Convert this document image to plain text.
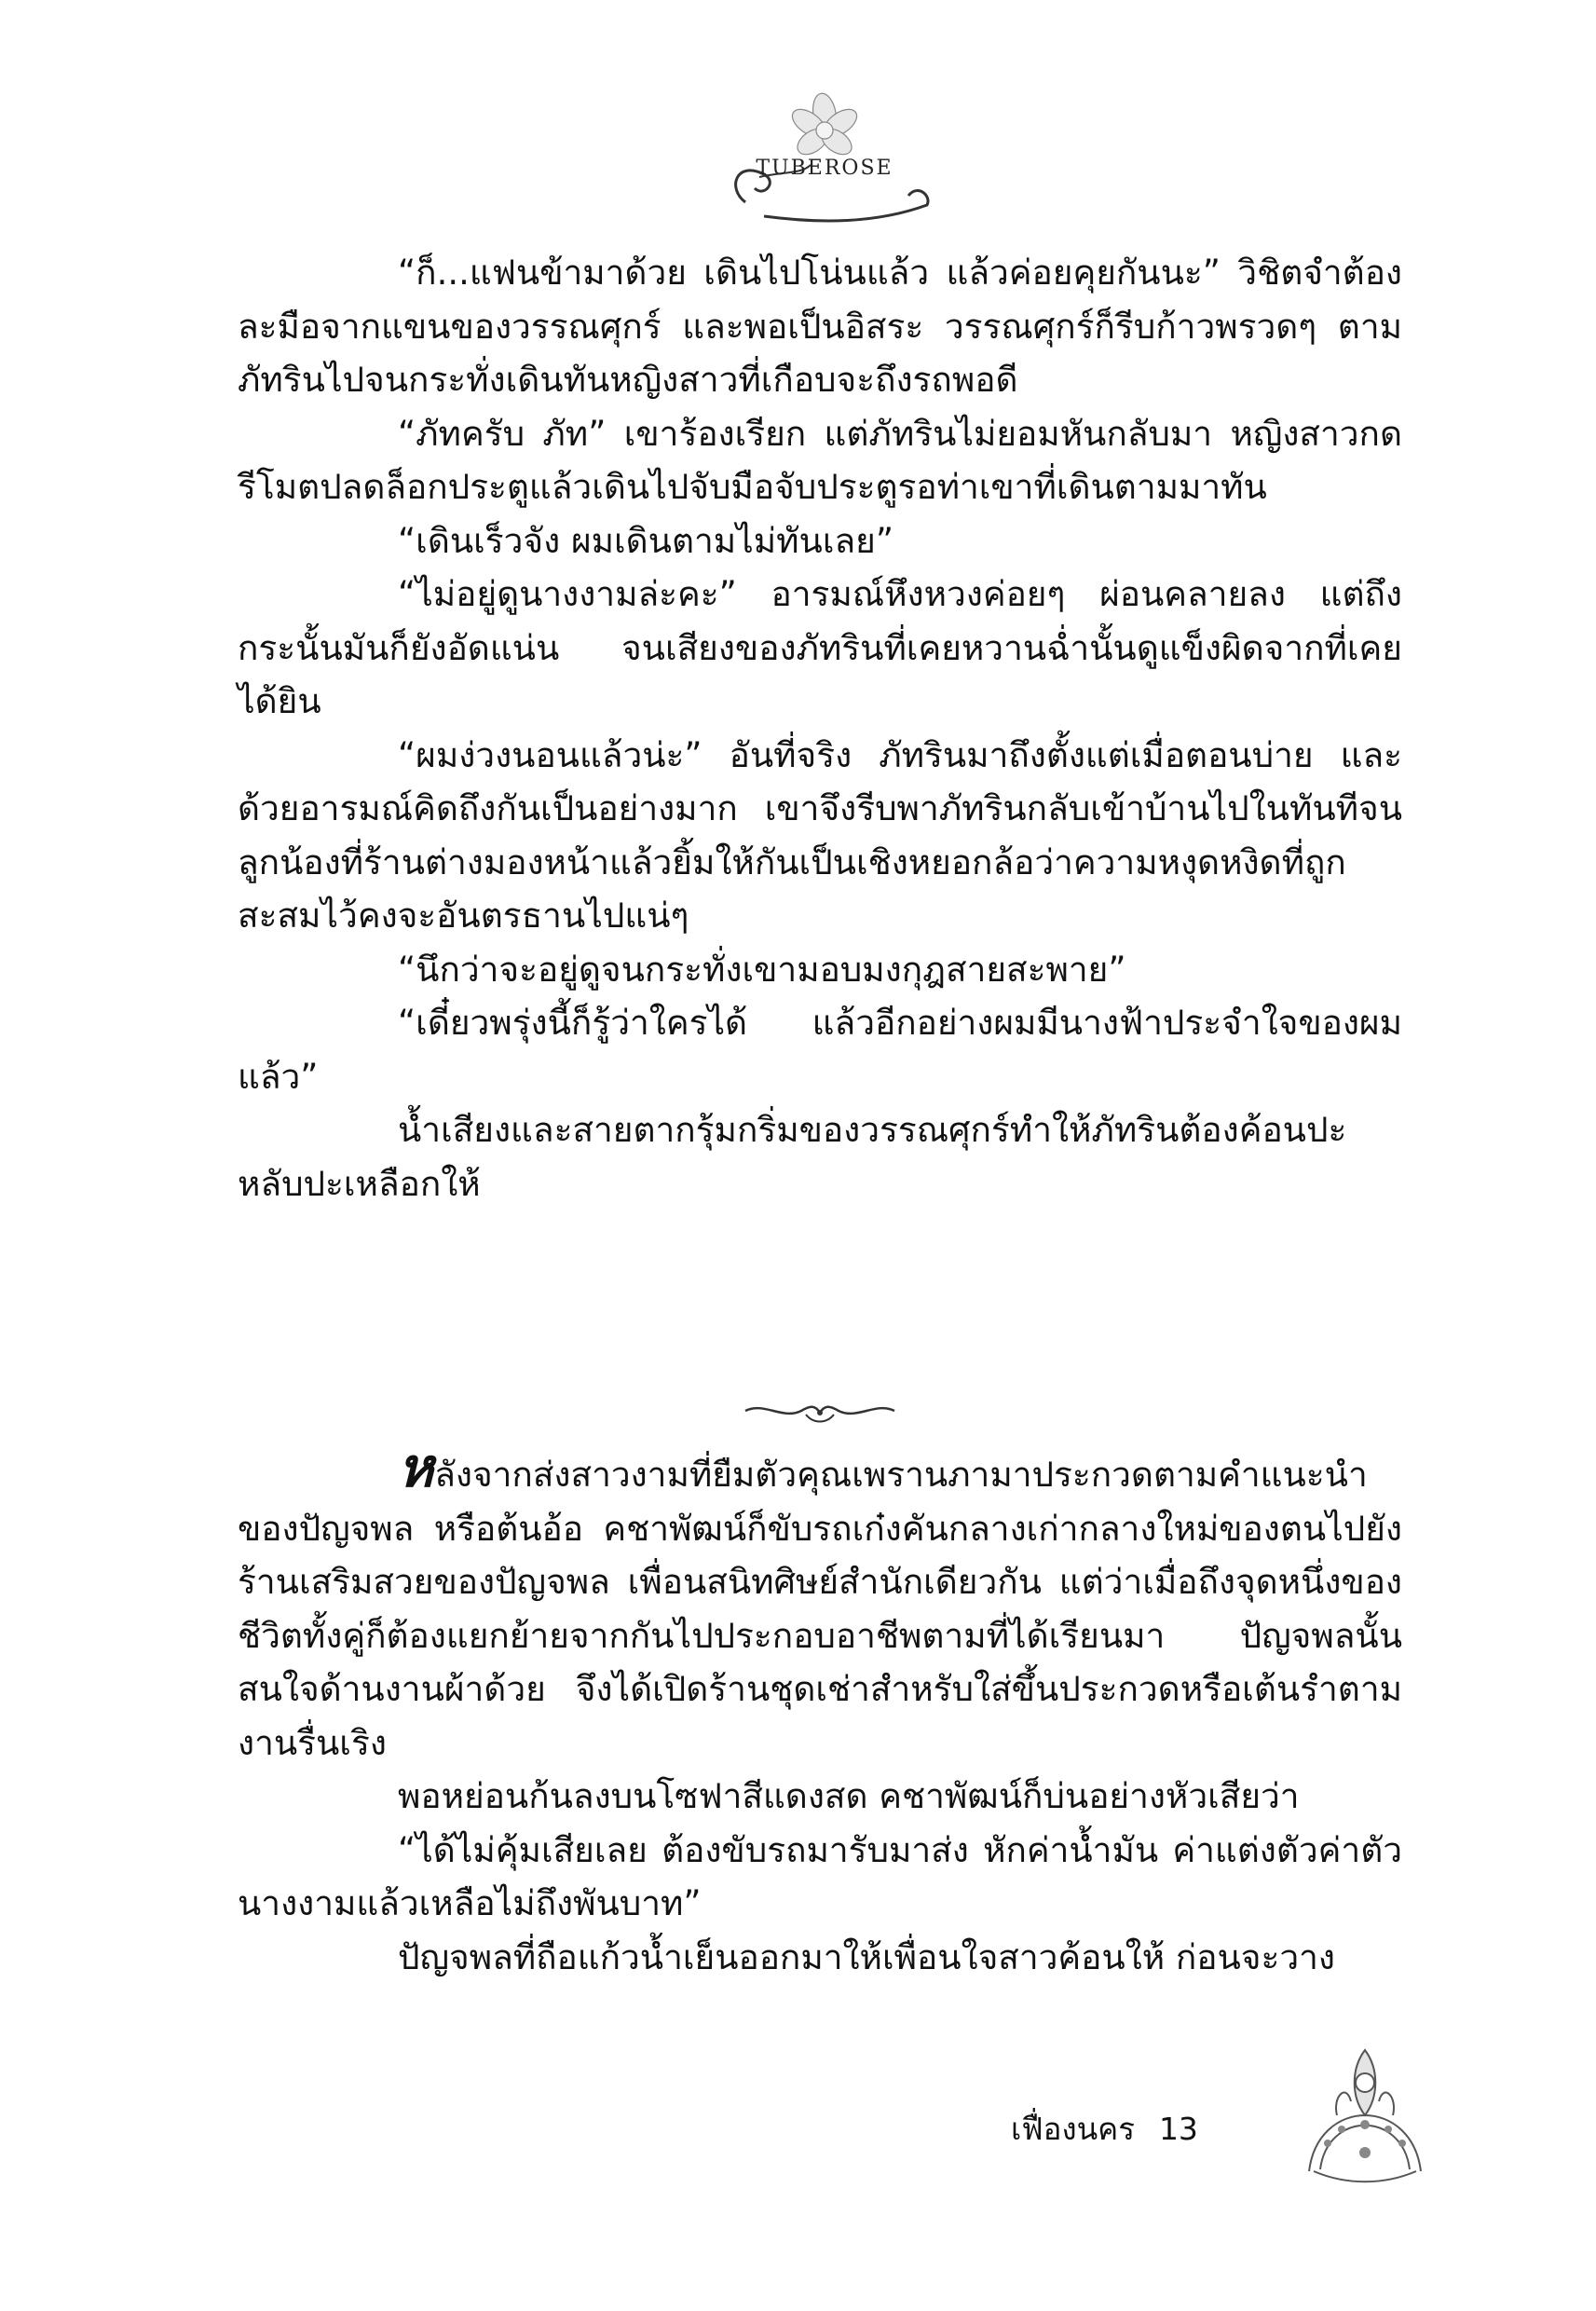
TUBEROSE

“ก็...แฟนข้ามาด้วย เดินไปโน่นแล้ว แล้วค่อยคุยกันนะ” วิชิตจำต้องละมือจากแขนของวรรณศุกร์ และพอเป็นอิสระ วรรณศุกร์ก็รีบก้าวพรวดๆ ตามภัทรินไปจนกระทั่งเดินทันหญิงสาวที่เกือบจะถึงรถพอดี

“ภัทครับ ภัท” เขาร้องเรียก แต่ภัทรินไม่ยอมหันกลับมา หญิงสาวกดรีโมตปลดล็อกประตูแล้วเดินไปจับมือจับประตูรอท่าเขาที่เดินตามมาทัน

“เดินเร็วจัง ผมเดินตามไม่ทันเลย”

“ไม่อยู่ดูนางงามล่ะคะ” อารมณ์หึงหวงค่อยๆ ผ่อนคลายลง แต่ถึงกระนั้นมันก็ยังอัดแน่น จนเสียงของภัทรินที่เคยหวานฉ่ำนั้นดูแข็งผิดจากที่เคยได้ยิน

“ผมง่วงนอนแล้วน่ะ” อันที่จริง ภัทรินมาถึงตั้งแต่เมื่อตอนบ่าย และด้วยอารมณ์คิดถึงกันเป็นอย่างมาก เขาจึงรีบพาภัทรินกลับเข้าบ้านไปในทันทีจนลูกน้องที่ร้านต่างมองหน้าแล้วยิ้มให้กันเป็นเชิงหยอกล้อว่าความหงุดหงิดที่ถูกสะสมไว้คงจะอันตรธานไปแน่ๆ

“นึกว่าจะอยู่ดูจนกระทั่งเขามอบมงกุฎสายสะพาย”

“เดี๋ยวพรุ่งนี้ก็รู้ว่าใครได้ แล้วอีกอย่างผมมีนางฟ้าประจำใจของผมแล้ว”

น้ำเสียงและสายตากรุ้มกริ่มของวรรณศุกร์ทำให้ภัทรินต้องค้อนปะหลับปะเหลือกให้

หลังจากส่งสาวงามที่ยืมตัวคุณเพรานภามาประกวดตามคำแนะนำของปัญจพล หรือต้นอ้อ คชาพัฒน์ก็ขับรถเก๋งคันกลางเก่ากลางใหม่ของตนไปยังร้านเสริมสวยของปัญจพล เพื่อนสนิทศิษย์สำนักเดียวกัน แต่ว่าเมื่อถึงจุดหนึ่งของชีวิตทั้งคู่ก็ต้องแยกย้ายจากกันไปประกอบอาชีพตามที่ได้เรียนมา ปัญจพลนั้นสนใจด้านงานผ้าด้วย จึงได้เปิดร้านชุดเช่าสำหรับใส่ขึ้นประกวดหรือเต้นรำตามงานรื่นเริง

พอหย่อนก้นลงบนโซฟาสีแดงสด คชาพัฒน์ก็บ่นอย่างหัวเสียว่า

“ได้ไม่คุ้มเสียเลย ต้องขับรถมารับมาส่ง หักค่าน้ำมัน ค่าแต่งตัวค่าตัวนางงามแล้วเหลือไม่ถึงพันบาท”

ปัญจพลที่ถือแก้วน้ำเย็นออกมาให้เพื่อนใจสาวค้อนให้ ก่อนจะวาง

เฟื่องนคร 13
